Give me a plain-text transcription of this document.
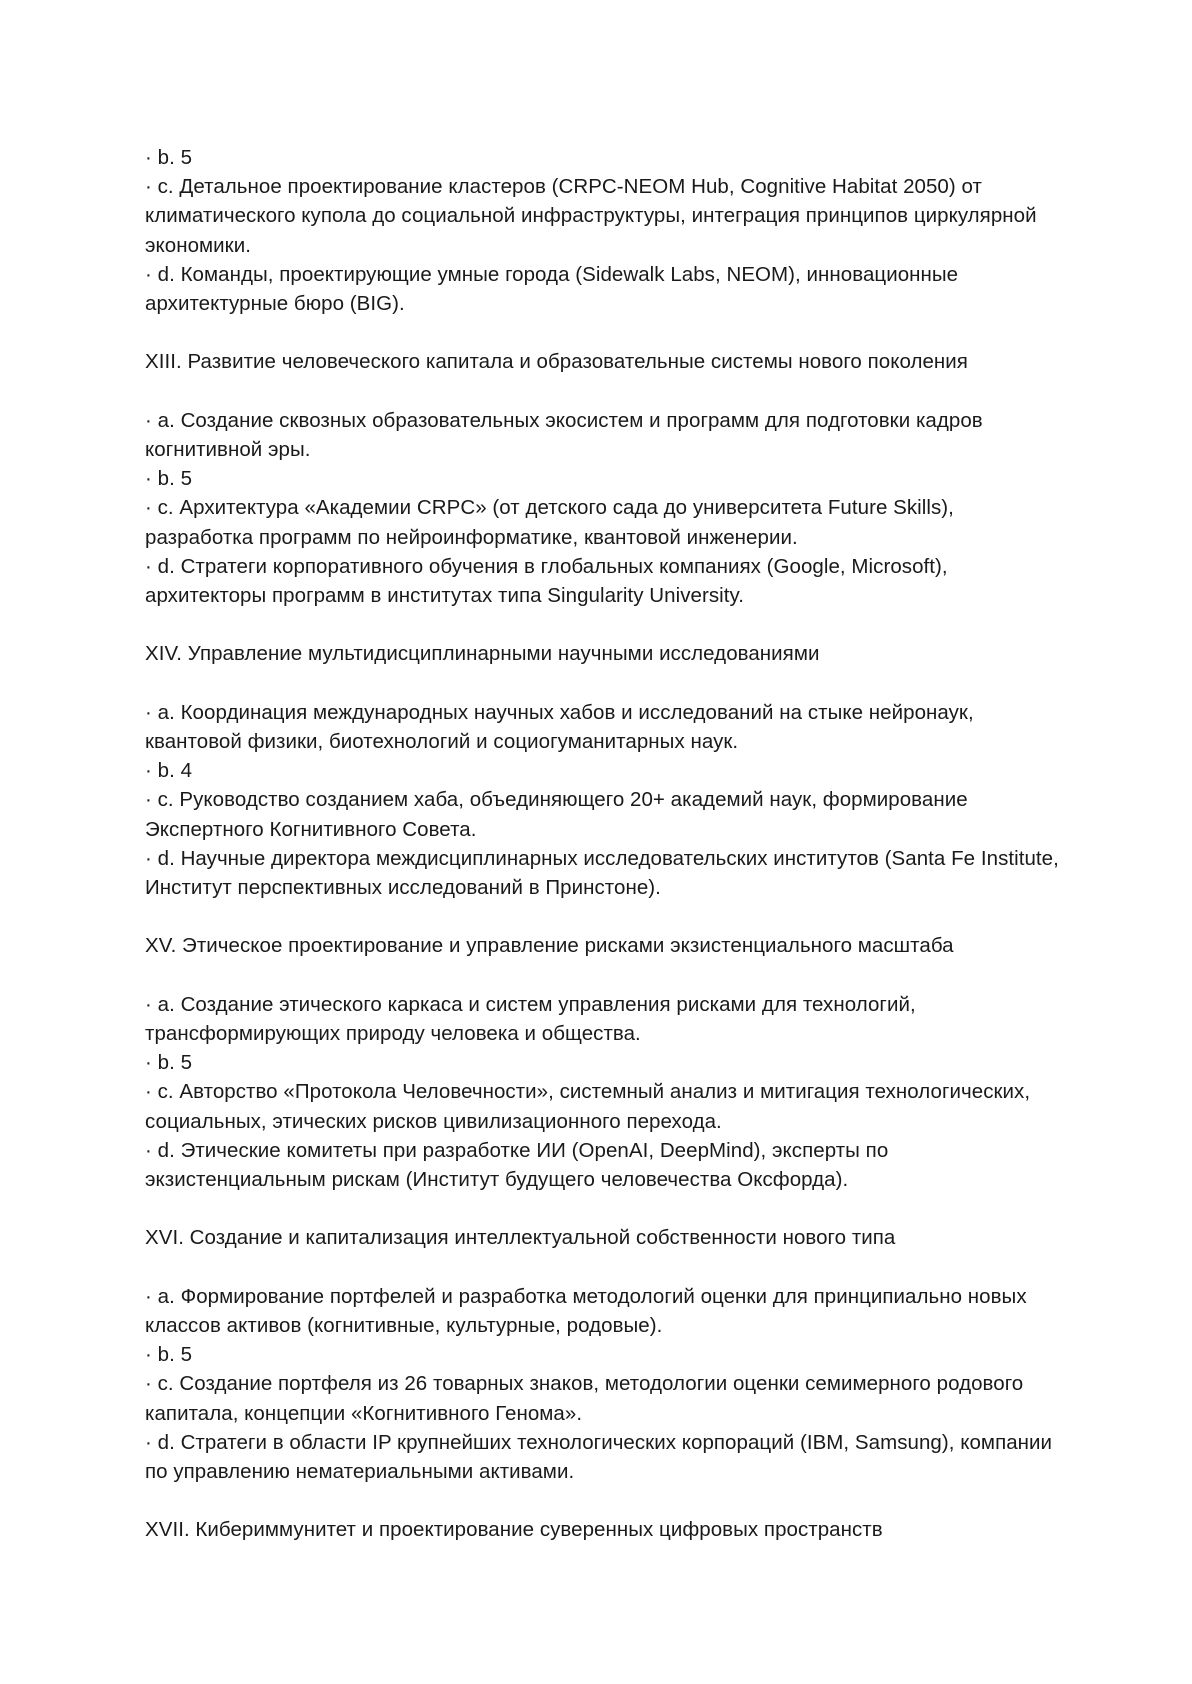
· b. 5

· c. Детальное проектирование кластеров (CRPC-NEOM Hub, Cognitive Habitat 2050) от климатического купола до социальной инфраструктуры, интеграция принципов циркулярной экономики.

· d. Команды, проектирующие умные города (Sidewalk Labs, NEOM), инновационные архитектурные бюро (BIG).

XIII. Развитие человеческого капитала и образовательные системы нового поколения

· a. Создание сквозных образовательных экосистем и программ для подготовки кадров когнитивной эры.

· b. 5

· c. Архитектура «Академии CRPC» (от детского сада до университета Future Skills), разработка программ по нейроинформатике, квантовой инженерии.

· d. Стратеги корпоративного обучения в глобальных компаниях (Google, Microsoft), архитекторы программ в институтах типа Singularity University.

XIV. Управление мультидисциплинарными научными исследованиями

· a. Координация международных научных хабов и исследований на стыке нейронаук, квантовой физики, биотехнологий и социогуманитарных наук.

· b. 4

· c. Руководство созданием хаба, объединяющего 20+ академий наук, формирование Экспертного Когнитивного Совета.

· d. Научные директора междисциплинарных исследовательских институтов (Santa Fe Institute, Институт перспективных исследований в Принстоне).

XV. Этическое проектирование и управление рисками экзистенциального масштаба

· a. Создание этического каркаса и систем управления рисками для технологий, трансформирующих природу человека и общества.

· b. 5

· c. Авторство «Протокола Человечности», системный анализ и митигация технологических, социальных, этических рисков цивилизационного перехода.

· d. Этические комитеты при разработке ИИ (OpenAI, DeepMind), эксперты по экзистенциальным рискам (Институт будущего человечества Оксфорда).

XVI. Создание и капитализация интеллектуальной собственности нового типа

· a. Формирование портфелей и разработка методологий оценки для принципиально новых классов активов (когнитивные, культурные, родовые).

· b. 5

· c. Создание портфеля из 26 товарных знаков, методологии оценки семимерного родового капитала, концепции «Когнитивного Генома».

· d. Стратеги в области IP крупнейших технологических корпораций (IBM, Samsung), компании по управлению нематериальными активами.

XVII. Кибериммунитет и проектирование суверенных цифровых пространств
